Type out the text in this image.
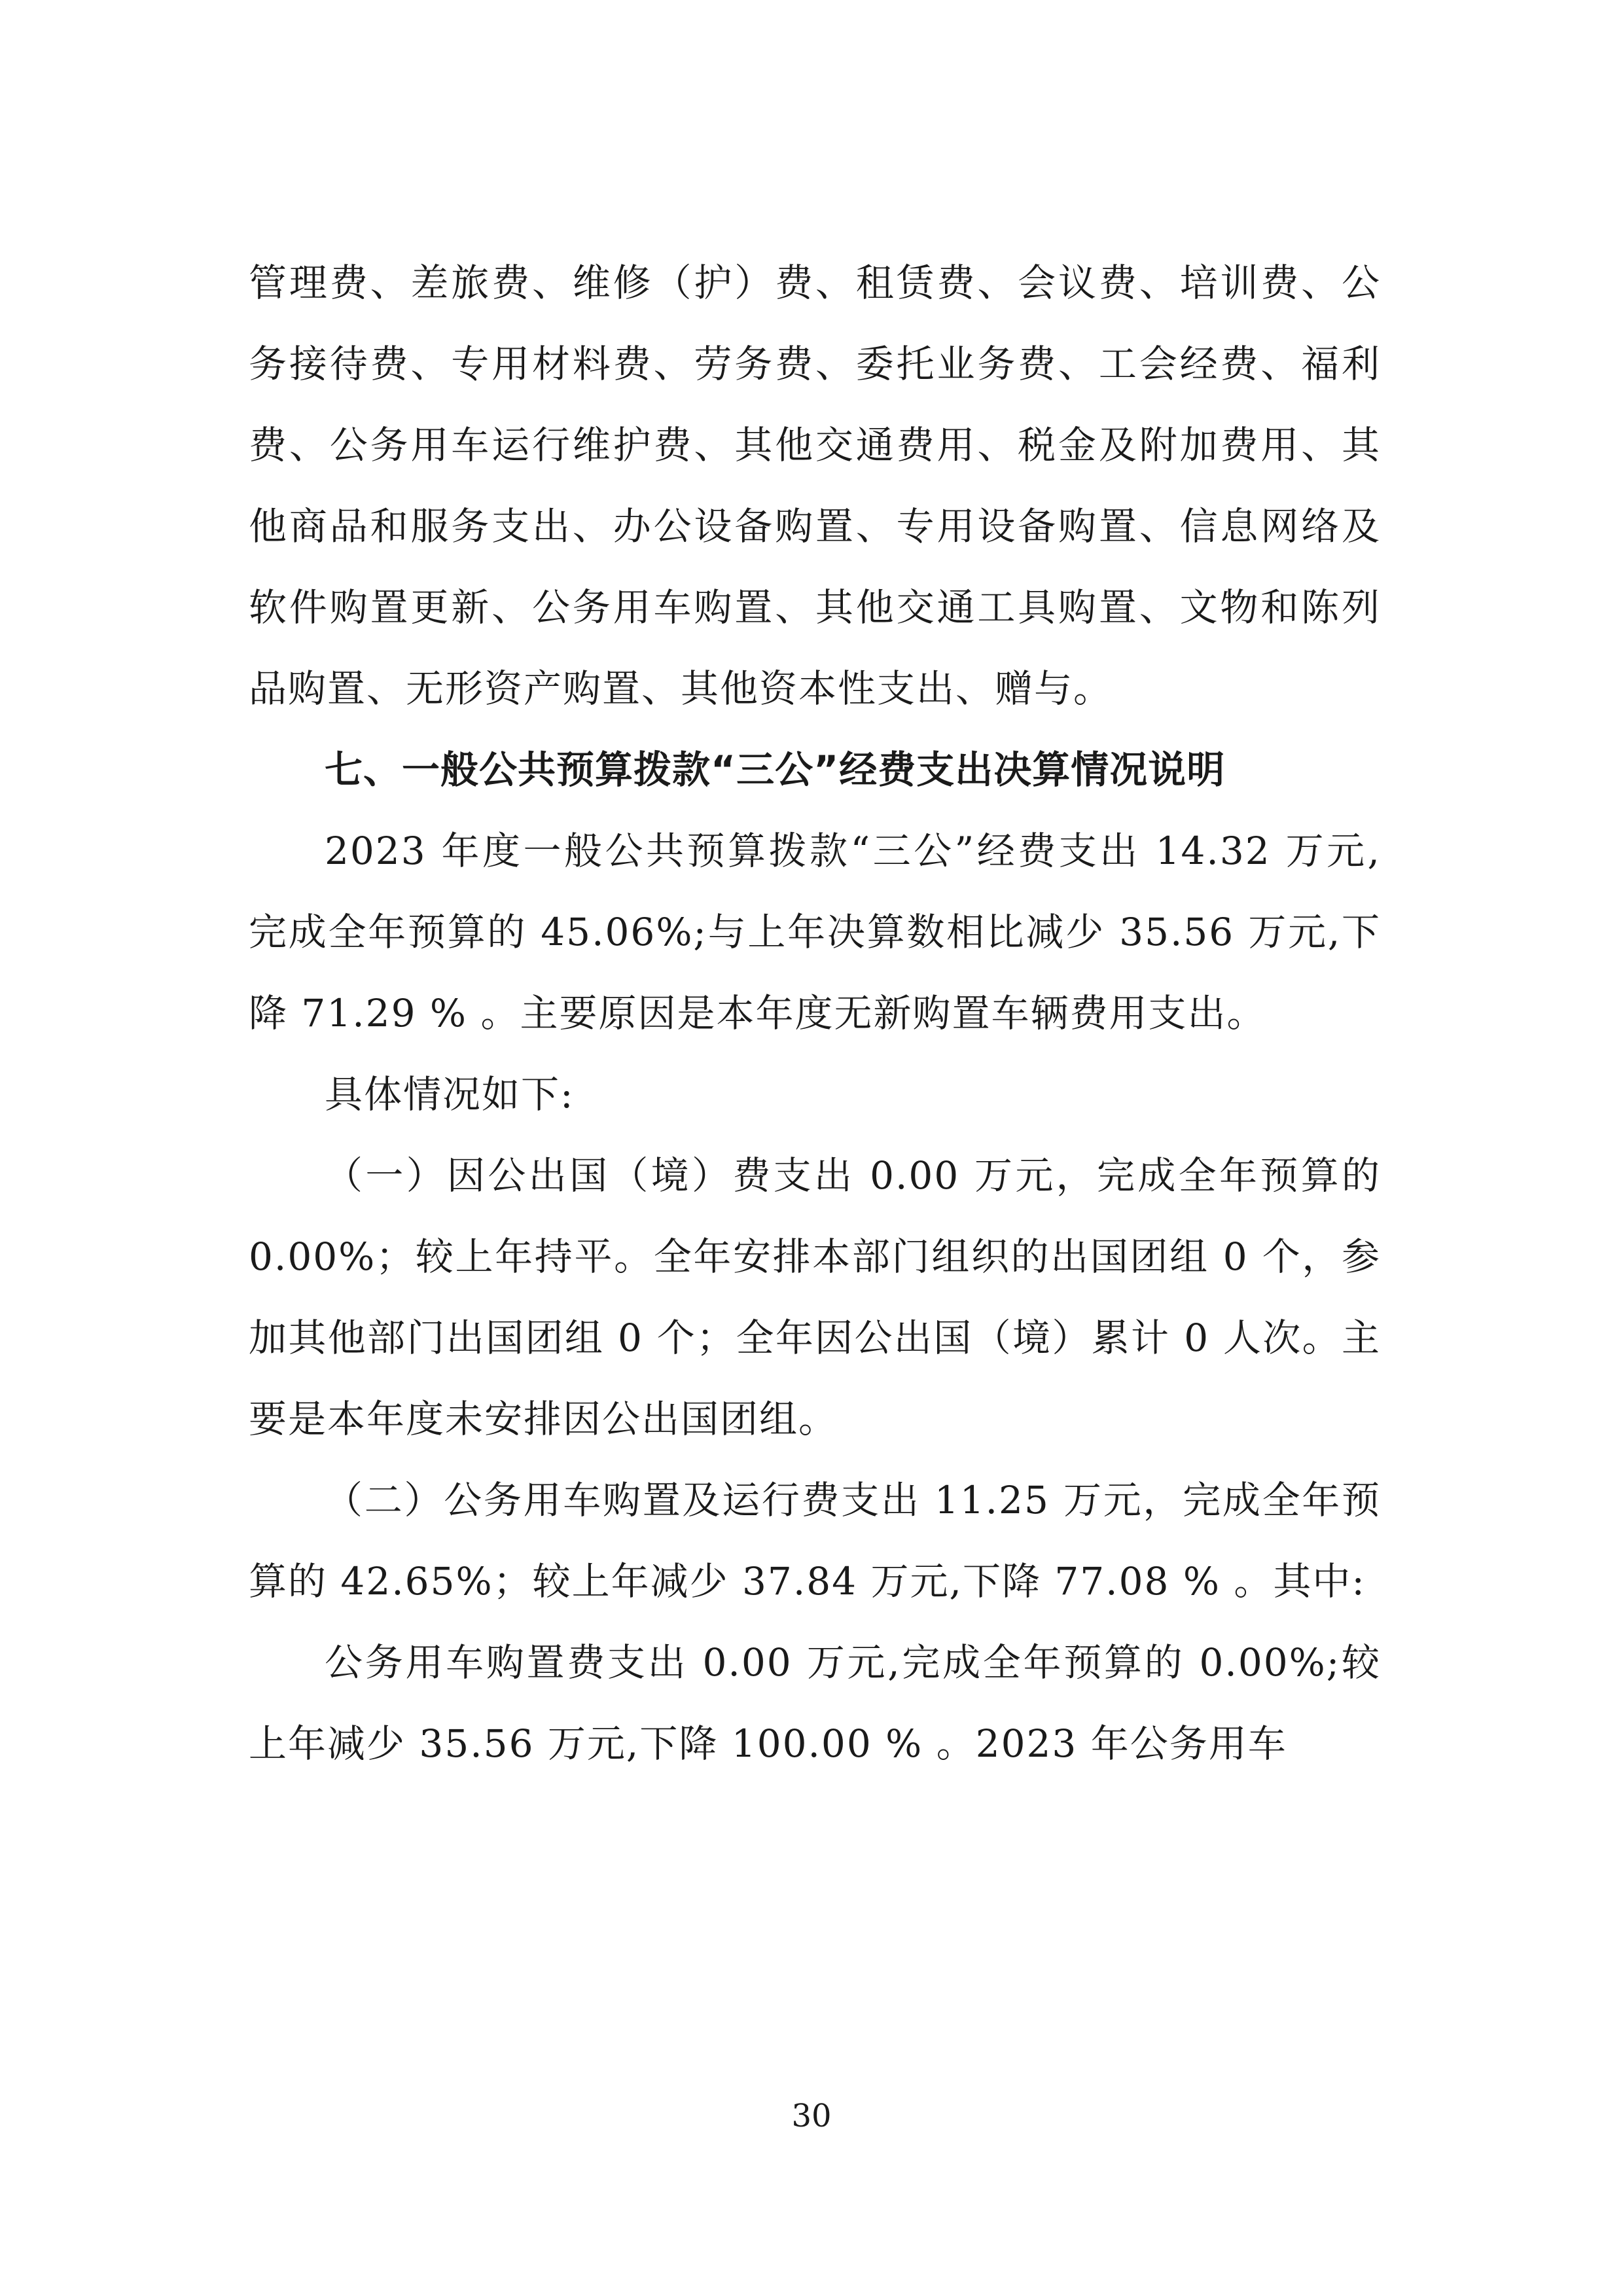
管理费、差旅费、维修（护）费、租赁费、会议费、培训费、公务接待费、专用材料费、劳务费、委托业务费、工会经费、福利费、公务用车运行维护费、其他交通费用、税金及附加费用、其他商品和服务支出、办公设备购置、专用设备购置、信息网络及软件购置更新、公务用车购置、其他交通工具购置、文物和陈列品购置、无形资产购置、其他资本性支出、赠与。

七、一般公共预算拨款“三公”经费支出决算情况说明

2023 年度一般公共预算拨款“三公”经费支出 14.32 万元,完成全年预算的 45.06%;与上年决算数相比减少 35.56 万元,下降 71.29 % 。主要原因是本年度无新购置车辆费用支出。

具体情况如下:

（一）因公出国（境）费支出 0.00 万元，完成全年预算的 0.00%；较上年持平。全年安排本部门组织的出国团组 0 个，参加其他部门出国团组 0 个；全年因公出国（境）累计 0 人次。主要是本年度未安排因公出国团组。

（二）公务用车购置及运行费支出 11.25 万元，完成全年预算的 42.65%；较上年减少 37.84 万元,下降 77.08 % 。其中:

公务用车购置费支出 0.00 万元,完成全年预算的 0.00%;较上年减少 35.56 万元,下降 100.00 % 。2023 年公务用车

30
